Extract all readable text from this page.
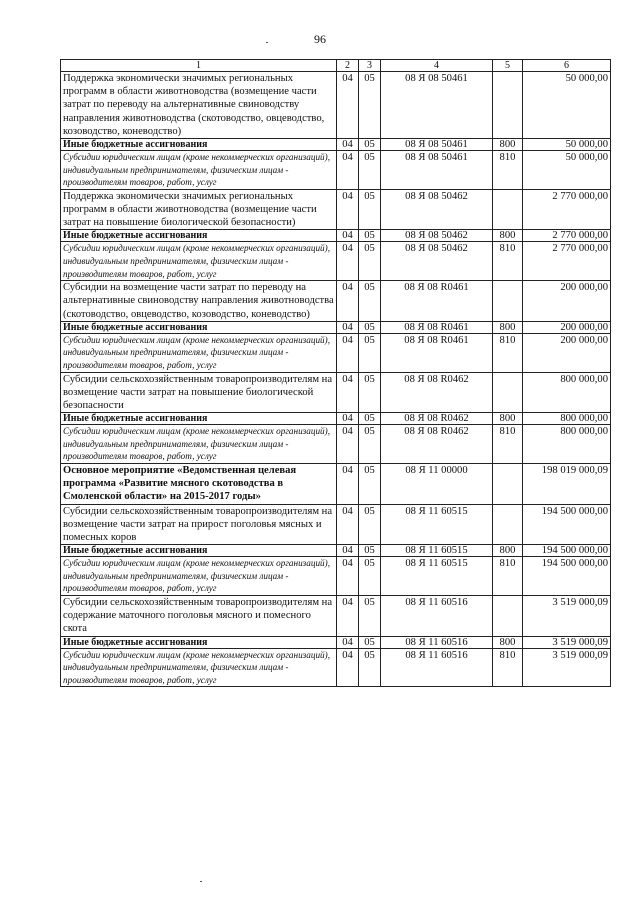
96
1	2	3	4	5	6
Поддержка экономически значимых региональных программ в области животноводства (возмещение части затрат по переводу на альтернативные свиноводству направления животноводства (скотоводство, овцеводство, козоводство, коневодство)	04	05	08 Я 08 50461		50 000,00
Иные бюджетные ассигнования	04	05	08 Я 08 50461	800	50 000,00
Субсидии юридическим лицам (кроме некоммерческих организаций), индивидуальным предпринимателям, физическим лицам - производителям товаров, работ, услуг	04	05	08 Я 08 50461	810	50 000,00
Поддержка экономически значимых региональных программ в области животноводства (возмещение части затрат на повышение биологической безопасности)	04	05	08 Я 08 50462		2 770 000,00
Иные бюджетные ассигнования	04	05	08 Я 08 50462	800	2 770 000,00
Субсидии юридическим лицам (кроме некоммерческих организаций), индивидуальным предпринимателям, физическим лицам - производителям товаров, работ, услуг	04	05	08 Я 08 50462	810	2 770 000,00
Субсидии на возмещение части затрат по переводу на альтернативные свиноводству направления животноводства (скотоводство, овцеводство, козоводство, коневодство)	04	05	08 Я 08 R0461		200 000,00
Иные бюджетные ассигнования	04	05	08 Я 08 R0461	800	200 000,00
Субсидии юридическим лицам (кроме некоммерческих организаций), индивидуальным предпринимателям, физическим лицам - производителям товаров, работ, услуг	04	05	08 Я 08 R0461	810	200 000,00
Субсидии сельскохозяйственным товаропроизводителям на возмещение части затрат на повышение биологической безопасности	04	05	08 Я 08 R0462		800 000,00
Иные бюджетные ассигнования	04	05	08 Я 08 R0462	800	800 000,00
Субсидии юридическим лицам (кроме некоммерческих организаций), индивидуальным предпринимателям, физическим лицам - производителям товаров, работ, услуг	04	05	08 Я 08 R0462	810	800 000,00
Основное мероприятие «Ведомственная целевая программа «Развитие мясного скотоводства в Смоленской области» на 2015-2017 годы»	04	05	08 Я 11 00000		198 019 000,09
Субсидии сельскохозяйственным товаропроизводителям на возмещение части затрат на прирост поголовья мясных и помесных коров	04	05	08 Я 11 60515		194 500 000,00
Иные бюджетные ассигнования	04	05	08 Я 11 60515	800	194 500 000,00
Субсидии юридическим лицам (кроме некоммерческих организаций), индивидуальным предпринимателям, физическим лицам - производителям товаров, работ, услуг	04	05	08 Я 11 60515	810	194 500 000,00
Субсидии сельскохозяйственным товаропроизводителям на содержание маточного поголовья мясного и помесного скота	04	05	08 Я 11 60516		3 519 000,09
Иные бюджетные ассигнования	04	05	08 Я 11 60516	800	3 519 000,09
Субсидии юридическим лицам (кроме некоммерческих организаций), индивидуальным предпринимателям, физическим лицам - производителям товаров, работ, услуг	04	05	08 Я 11 60516	810	3 519 000,09
